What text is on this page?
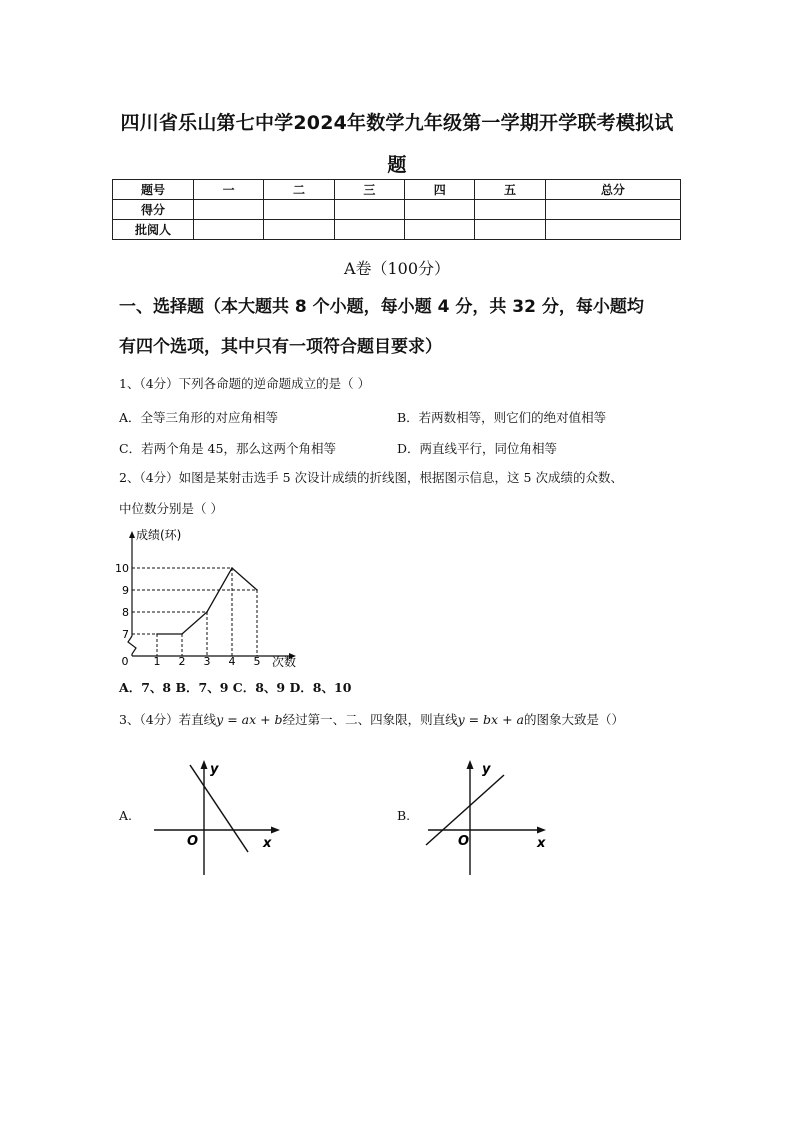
四川省乐山第七中学2024年数学九年级第一学期开学联考模拟试
题
题号	一	二	三	四	五	总分
得分						
批阅人						
A卷（100分）
一、选择题（本大题共 8 个小题，每小题 4 分，共 32 分，每小题均
有四个选项，其中只有一项符合题目要求）
1、（4分）下列各命题的逆命题成立的是（ ）
A．全等三角形的对应角相等	B．若两数相等，则它们的绝对值相等
C．若两个角是 45，那么这两个角相等	D．两直线平行，同位角相等
2、（4分）如图是某射击选手 5 次设计成绩的折线图，根据图示信息，这 5 次成绩的众数、
中位数分别是（ ）
7
8
9
10
0 1 2 3 4 5
成绩(环)
次数
A．7、8 B．7、9 C．8、9 D．8、10
3、（4分）若直线y = ax + b经过第一、二、四象限，则直线y = bx + a的图象大致是（）
A.	B.
y
x
O
y
x
O
